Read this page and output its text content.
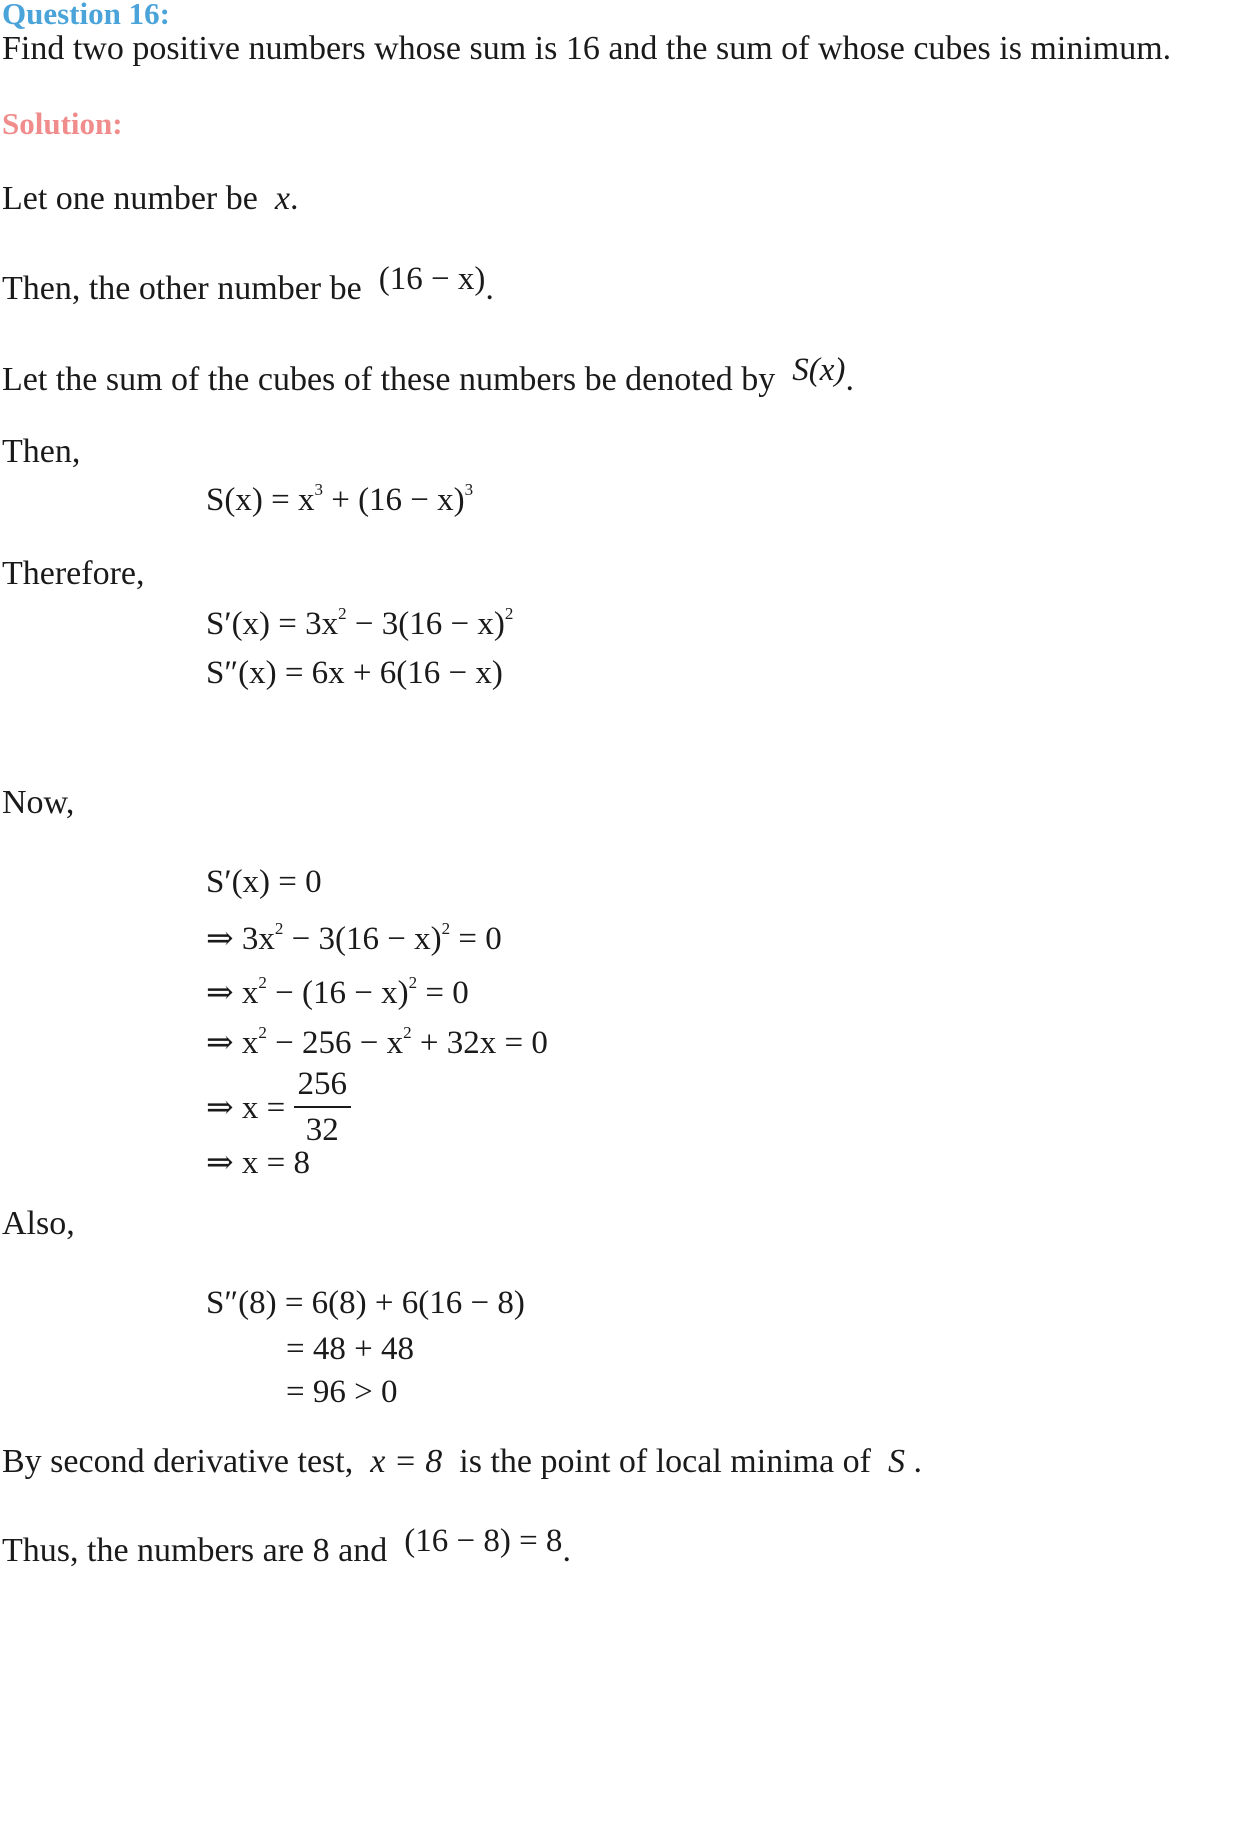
Question 16:
Find two positive numbers whose sum is 16 and the sum of whose cubes is minimum.
Solution:
Let one number be x.
Then, the other number be (16 − x).
Let the sum of the cubes of these numbers be denoted by S(x).
Then,
$S(x) = x^3 + (16 - x)^3$
Therefore,
$S'(x) = 3x^2 - 3(16 - x)^2$
S″(x) = 6x + 6(16 − x)
Now,
S′(x) = 0
⇒ $3x^2 - 3(16 - x)^2 = 0$
⇒ $x^2 - (16 - x)^2 = 0$
⇒ $x^2 - 256 - x^2 + 32x = 0$
⇒ $x = \frac{256}{32}$
⇒ x = 8
Also,
S″(8) = 6(8) + 6(16 − 8)
= 48 + 48
= 96 > 0
By second derivative test, x = 8 is the point of local minima of S .
Thus, the numbers are 8 and (16 − 8) = 8.
